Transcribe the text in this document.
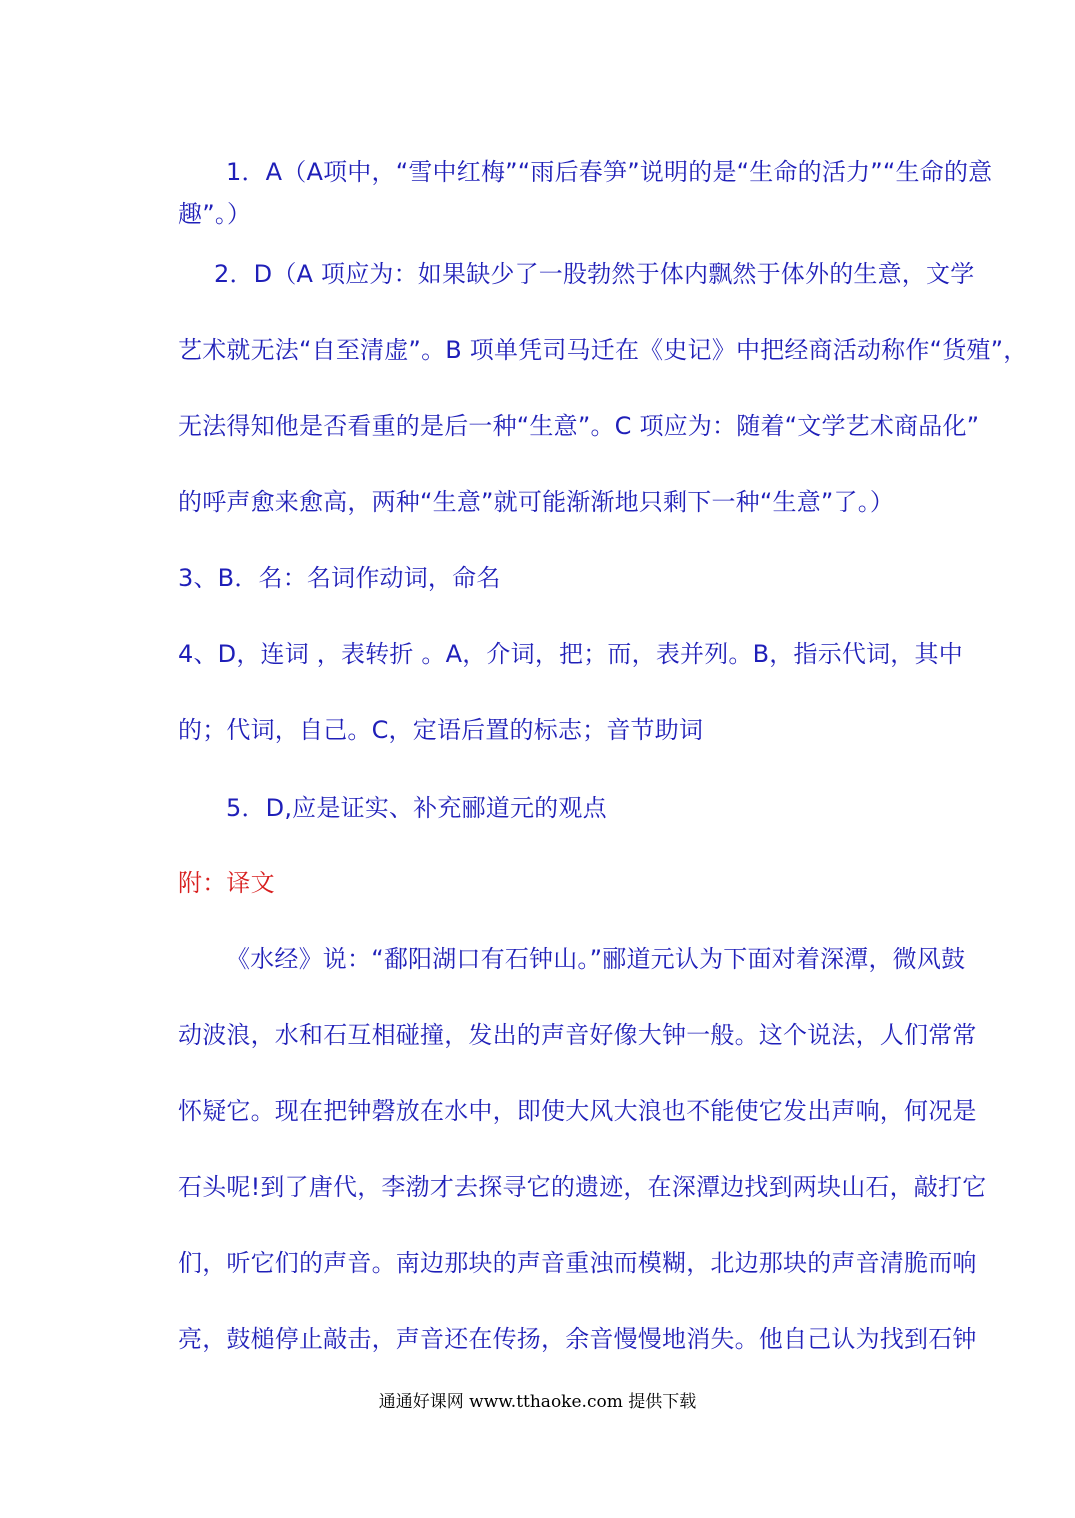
1．A（A项中，“雪中红梅”“雨后春笋”说明的是“生命的活力”“生命的意
趣”。）
2．D（A 项应为：如果缺少了一股勃然于体内飘然于体外的生意，文学
艺术就无法“自至清虚”。B 项单凭司马迁在《史记》中把经商活动称作“货殖”，
无法得知他是否看重的是后一种“生意”。C 项应为：随着“文学艺术商品化”
的呼声愈来愈高，两种“生意”就可能渐渐地只剩下一种“生意”了。）
3、B．名：名词作动词，命名
4、D，连词 ，表转折 。A，介词，把；而，表并列。B，指示代词，其中
的；代词，自己。C，定语后置的标志；音节助词
5．D,应是证实、补充郦道元的观点
附：译文
《水经》说：“鄱阳湖口有石钟山。”郦道元认为下面对着深潭，微风鼓
动波浪，水和石互相碰撞，发出的声音好像大钟一般。这个说法，人们常常
怀疑它。现在把钟磬放在水中，即使大风大浪也不能使它发出声响，何况是
石头呢!到了唐代，李渤才去探寻它的遗迹，在深潭边找到两块山石，敲打它
们，听它们的声音。南边那块的声音重浊而模糊，北边那块的声音清脆而响
亮，鼓槌停止敲击，声音还在传扬，余音慢慢地消失。他自己认为找到石钟
通通好课网 www.tthaoke.com 提供下载
